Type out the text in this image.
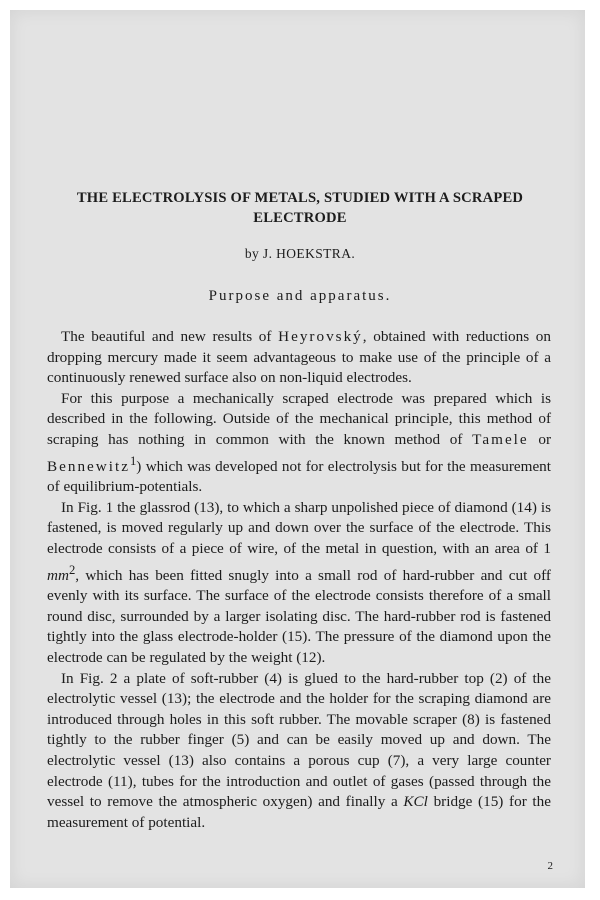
THE ELECTROLYSIS OF METALS, STUDIED WITH A SCRAPED
ELECTRODE
by J. HOEKSTRA.
Purpose and apparatus.

The beautiful and new results of Heyrovský, obtained with reductions on dropping mercury made it seem advantageous to make use of the principle of a continuously renewed surface also on non-liquid electrodes.

For this purpose a mechanically scraped electrode was prepared which is described in the following. Outside of the mechanical principle, this method of scraping has nothing in common with the known method of Tamele or Bennewitz$^1$) which was developed not for electrolysis but for the measurement of equilibrium-potentials.

In Fig. 1 the glassrod (13), to which a sharp unpolished piece of diamond (14) is fastened, is moved regularly up and down over the surface of the electrode. This electrode consists of a piece of wire, of the metal in question, with an area of 1 $mm^2$, which has been fitted snugly into a small rod of hard-rubber and cut off evenly with its surface. The surface of the electrode consists therefore of a small round disc, surrounded by a larger isolating disc. The hard-rubber rod is fastened tightly into the glass electrode-holder (15). The pressure of the diamond upon the electrode can be regulated by the weight (12).

In Fig. 2 a plate of soft-rubber (4) is glued to the hard-rubber top (2) of the electrolytic vessel (13); the electrode and the holder for the scraping diamond are introduced through holes in this soft rubber. The movable scraper (8) is fastened tightly to the rubber finger (5) and can be easily moved up and down. The electrolytic vessel (13) also contains a porous cup (7), a very large counter electrode (11), tubes for the introduction and outlet of gases (passed through the vessel to remove the atmospheric oxygen) and finally a KCl bridge (15) for the measurement of potential.

2
